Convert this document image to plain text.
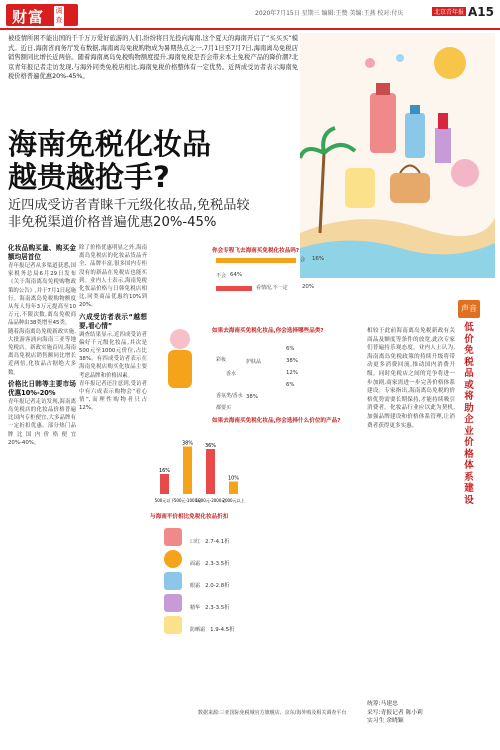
财富 调查
2020年7月15日 星期三 编辑:王赞 美编:王燕 校对:付庆	北京青年报 A15
被疫情所困不能出国的千千万万爱好旅游的人们,纷纷将目光投向海南,这个夏天的海南开启了“买买买”模式。近日,海南省商务厅发布数据,海南离岛免税购物成为暑期热点之一,7月1日至7月7日,海南离岛免税店销售额同比增长近两倍。随着海南离岛免税购物额度提升,海南免税是否会带来本土免税产品的降价潮?北京青年报记者走访发现,与海外同类免税店相比,海南免税价格整体有一定优势。近两成受访者表示海南免税价格普遍优惠20%-45%。
海南免税化妆品
越贵越抢手?
近四成受访者青睐千元级化妆品,免税品较
非免税渠道价格普遍优惠20%-45%
化妆品购买量、购买金额均居首位

青年报记者从多渠道获悉,国家税务总局6月29日发布《关于海南离岛免税购物政策的公告》,并于7月1日起施行。海南离岛免税购物额度从每人每年3万元提高至10万元,不限次数,离岛免税商品品种由38类增至45类。

随着海南离岛免税新政实施,大批游客涌向海南三亚等地免税店。新政实施首周,海南离岛免税店销售额同比增长近两倍,化妆品占据绝大多数。

价格比日韩等主要市场优惠10%-20%

青年报记者走访发现,海南离岛免税店的化妆品价格普遍比国内专柜便宜,大多品牌有一定折扣优惠。部分热门品牌比国内价格便宜20%-40%。

除了价格优惠明显之外,海南离岛免税店的化妆品货品齐全、品牌丰富,很多国内专柜没有的新品在免税店也能买到。业内人士表示,海南免税化妆品价格与日韩免税店相比,同类商品优惠约10%到20%。

六成受访者表示“越想要,看心情”

调查结果显示,近四成受访者偏好千元级化妆品,其次是500元至1000元价位,占比38%。有四成受访者表示在海南免税店购买化妆品主要考虑品牌和价格因素。

青年报记者还注意到,受访者中有六成表示购物会“看心情”,而理性购物者只占12%。

你会专程飞去海南买免税化妆品吗?
会 16%
不会 64%
看情况,不一定	20%
如果去海南买免税化妆品,你会选择哪些品类?
彩妆
6%
护肤品	38%
香水	12%
香氛类/香水
6%
都要买
38%
如果去海南买免税化妆品,你会选择什么价位的产品?
16%
500元以下
38%
500元-1000元
36%
1000元-2000元
10%
2000元以上
与海南平价相比免税化妆品折扣
口红 2.7-4.1折
面霜 2.3-3.5折
眼霜 2.0-2.8折
精华 2.3-3.5折
防晒霜 1.9-4.5折
声音
低价免税品或将助企业价格体系建设
相较于此前海南离岛免税新政有关商品及额度等条件的放宽,此次专家们普遍持乐观态度。业内人士认为,海南离岛免税政策的持续升级将带动更多消费回流,推动国内消费升级。同时免税店之间的竞争将进一步加剧,商家需进一步完善价格体系建设。专家指出,海南离岛免税的价格优势需要长期保持,才能持续吸引消费者。化妆品行业应以此为契机,加强品牌建设和价格体系管理,让消费者获得更多实惠。
数据来源:三亚国际免税城官方旗舰店、京东/海外购及相关调查平台
统筹:马建忠
采写:青报记者 陈小莉
实习生 余晓颖
